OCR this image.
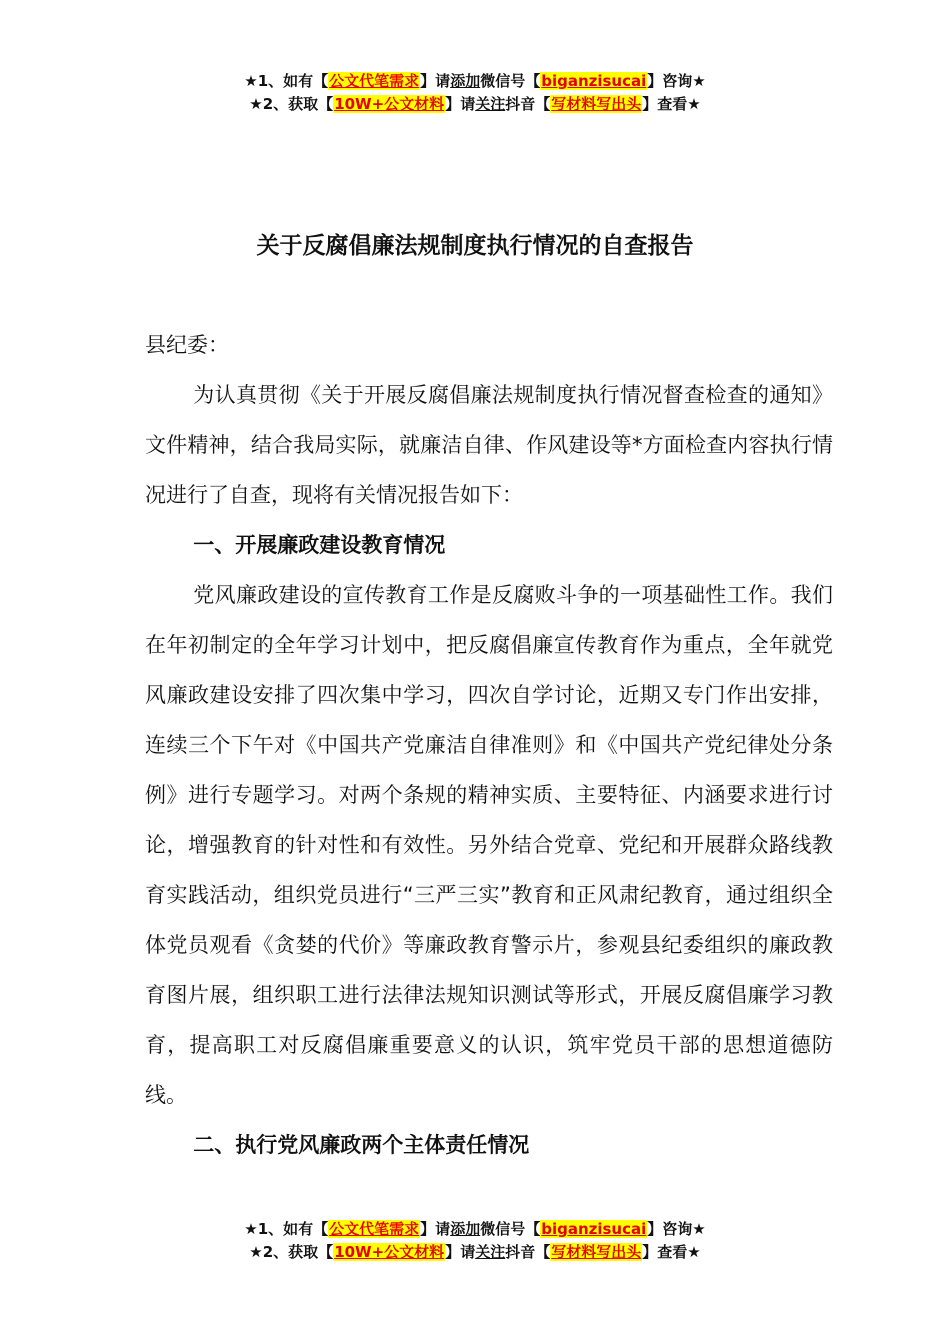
★1、如有【公文代笔需求】请添加微信号【biganzisucai】咨询★
★2、获取【10W+公文材料】请关注抖音【写材料写出头】查看★
关于反腐倡廉法规制度执行情况的自查报告

县纪委：

为认真贯彻《关于开展反腐倡廉法规制度执行情况督查检查的通知》文件精神，结合我局实际，就廉洁自律、作风建设等*方面检查内容执行情况进行了自查，现将有关情况报告如下：

一、开展廉政建设教育情况

党风廉政建设的宣传教育工作是反腐败斗争的一项基础性工作。我们在年初制定的全年学习计划中，把反腐倡廉宣传教育作为重点，全年就党风廉政建设安排了四次集中学习，四次自学讨论，近期又专门作出安排，连续三个下午对《中国共产党廉洁自律准则》和《中国共产党纪律处分条例》进行专题学习。对两个条规的精神实质、主要特征、内涵要求进行讨论，增强教育的针对性和有效性。另外结合党章、党纪和开展群众路线教育实践活动，组织党员进行“三严三实”教育和正风肃纪教育，通过组织全体党员观看《贪婪的代价》等廉政教育警示片，参观县纪委组织的廉政教育图片展，组织职工进行法律法规知识测试等形式，开展反腐倡廉学习教育，提高职工对反腐倡廉重要意义的认识，筑牢党员干部的思想道德防线。

二、执行党风廉政两个主体责任情况

★1、如有【公文代笔需求】请添加微信号【biganzisucai】咨询★
★2、获取【10W+公文材料】请关注抖音【写材料写出头】查看★
